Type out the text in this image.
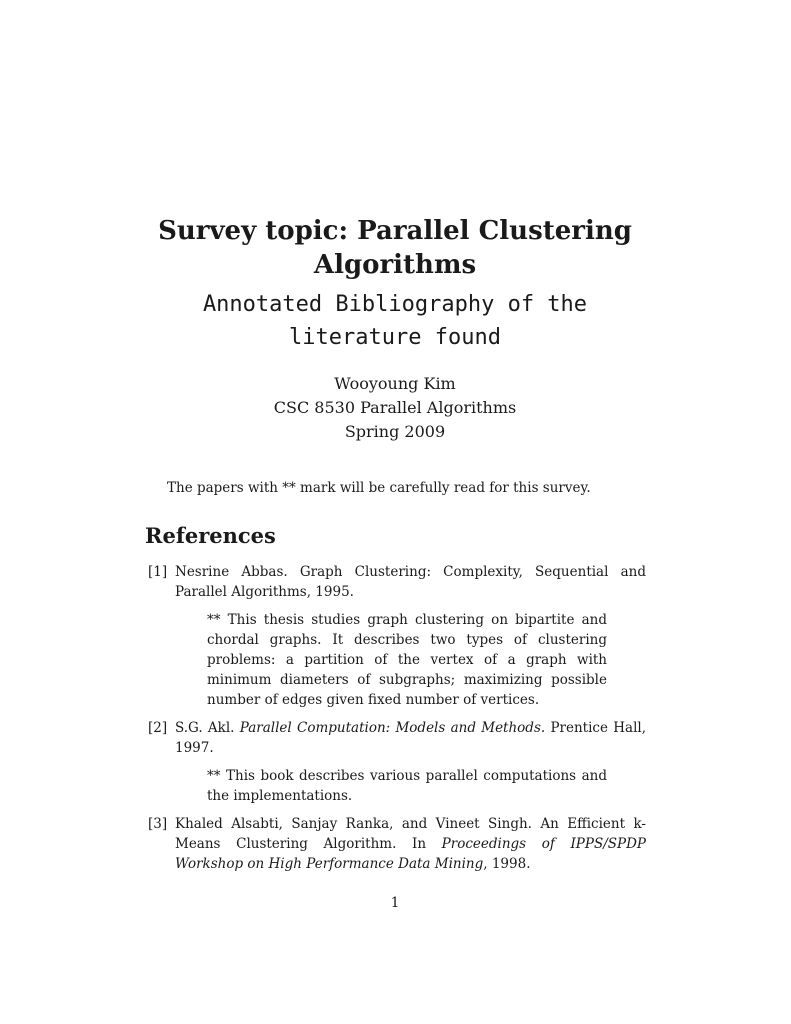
Survey topic: Parallel Clustering Algorithms
Annotated Bibliography of the literature found
Wooyoung Kim
CSC 8530 Parallel Algorithms
Spring 2009

The papers with ** mark will be carefully read for this survey.

References
[1] Nesrine Abbas. Graph Clustering: Complexity, Sequential and Parallel Algorithms, 1995.
** This thesis studies graph clustering on bipartite and chordal graphs. It describes two types of clustering problems: a partition of the vertex of a graph with minimum diameters of subgraphs; maximizing possible number of edges given fixed number of vertices.
[2] S.G. Akl. Parallel Computation: Models and Methods. Prentice Hall, 1997.
** This book describes various parallel computations and the implementations.
[3] Khaled Alsabti, Sanjay Ranka, and Vineet Singh. An Efficient k-Means Clustering Algorithm. In Proceedings of IPPS/SPDP Workshop on High Performance Data Mining, 1998.
1
